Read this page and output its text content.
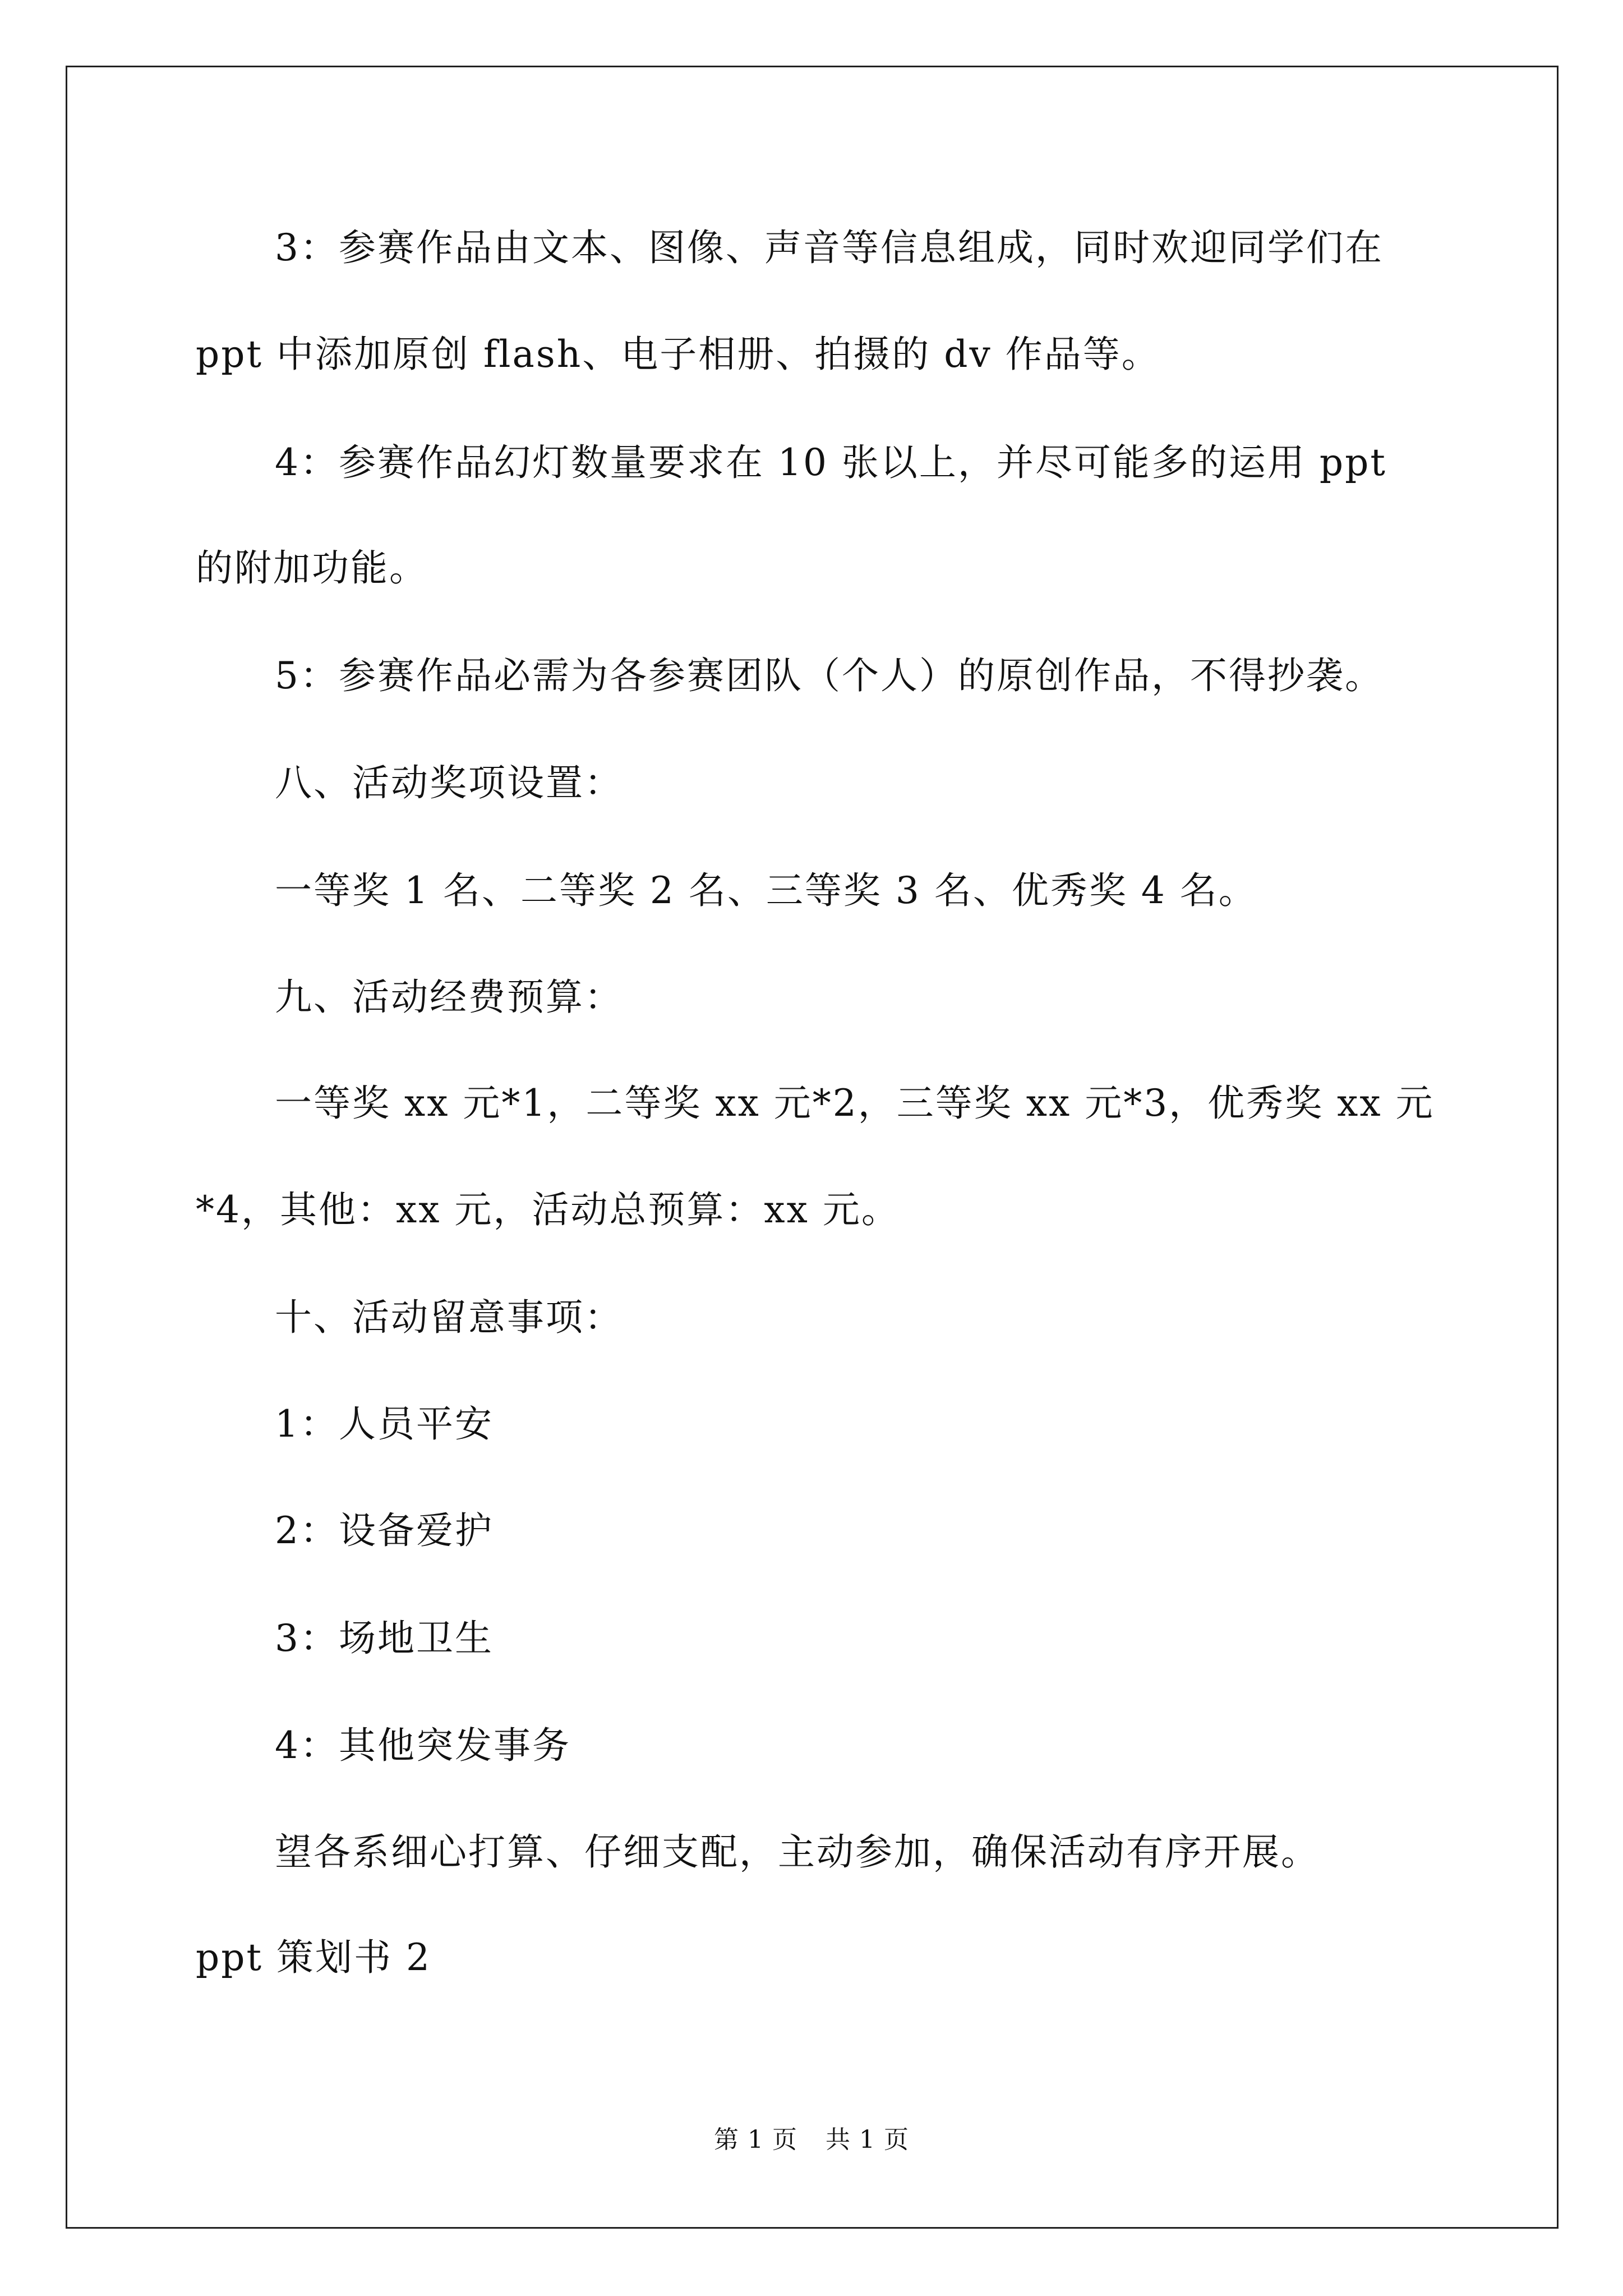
3：参赛作品由文本、图像、声音等信息组成，同时欢迎同学们在
ppt 中添加原创 flash、电子相册、拍摄的 dv 作品等。
4：参赛作品幻灯数量要求在 10 张以上，并尽可能多的运用 ppt
的附加功能。
5：参赛作品必需为各参赛团队（个人）的原创作品，不得抄袭。
八、活动奖项设置：
一等奖 1 名、二等奖 2 名、三等奖 3 名、优秀奖 4 名。
九、活动经费预算：
一等奖 xx 元*1，二等奖 xx 元*2，三等奖 xx 元*3，优秀奖 xx 元
*4，其他：xx 元，活动总预算：xx 元。
十、活动留意事项：
1：人员平安
2：设备爱护
3：场地卫生
4：其他突发事务
望各系细心打算、仔细支配，主动参加，确保活动有序开展。
ppt 策划书 2
第 1 页 共 1 页
